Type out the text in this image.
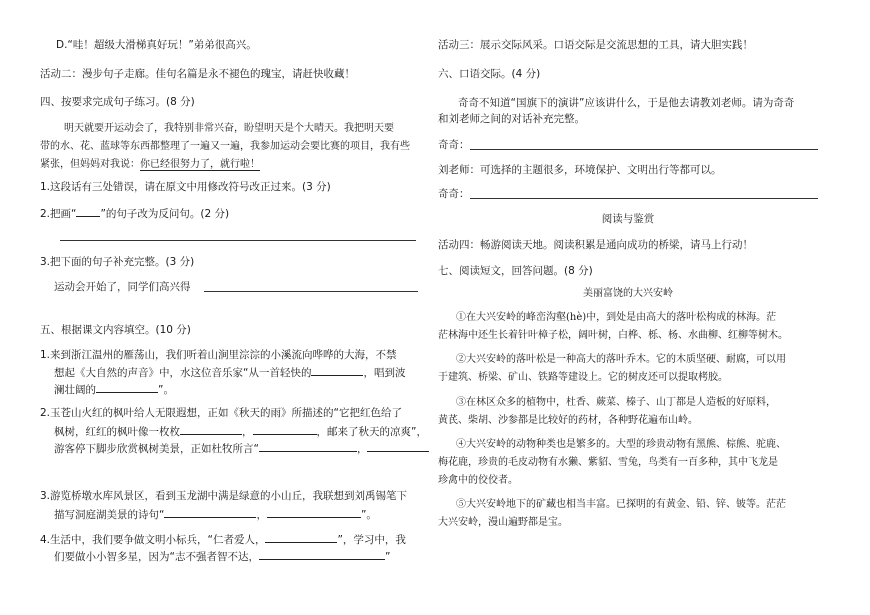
D.“哇！超级大滑梯真好玩！”弟弟很高兴。
活动二：漫步句子走廊。佳句名篇是永不褪色的瑰宝，请赶快收藏！
四、按要求完成句子练习。(8 分)
明天就要开运动会了，我特别非常兴奋，盼望明天是个大晴天。我把明天要
带的水、花、蓝球等东西都整理了一遍又一遍，我参加运动会要比赛的项目，我有些
紧张，但妈妈对我说：你已经很努力了，就行啦！
1.这段话有三处错误，请在原文中用修改符号改正过来。(3 分)
2.把画“ ”的句子改为反问句。(2 分)
3.把下面的句子补充完整。(3 分)
运动会开始了，同学们高兴得
五、根据课文内容填空。(10 分)
1.来到浙江温州的雁荡山，我们听着山涧里淙淙的小溪流向哗哗的大海，不禁
想起《大自然的声音》中，水这位音乐家“从一首轻快的	，唱到波
澜壮阔的	”。
2.玉苍山火红的枫叶给人无限遐想，正如《秋天的雨》所描述的“它把红色给了
枫树，红红的枫叶像一枚枚	，	，邮来了秋天的凉爽”，
游客停下脚步欣赏枫树美景，正如杜牧所言“	，
3.游览桥墩水库风景区，看到玉龙湖中满是绿意的小山丘，我联想到刘禹锡笔下
描写洞庭湖美景的诗句“	，	”。
4.生活中，我们要争做文明小标兵，“仁者爱人，	”，学习中，我
们要做小小智多星，因为“志不强者智不达，	”
活动三：展示交际风采。口语交际是交流思想的工具，请大胆实践！
六、口语交际。(4 分)
奇奇不知道“国旗下的演讲”应该讲什么，于是他去请教刘老师。请为奇奇
和刘老师之间的对话补充完整。
奇奇：
刘老师：可选择的主题很多，环境保护、文明出行等都可以。
奇奇：
阅读与鉴赏
活动四：畅游阅读天地。阅读积累是通向成功的桥梁，请马上行动！
七、阅读短文，回答问题。(8 分)
美丽富饶的大兴安岭
①在大兴安岭的峰峦沟壑(hè)中，到处是由高大的落叶松构成的林海。茫
茫林海中还生长着针叶樟子松，阔叶树，白桦、栎、杨、水曲柳、红柳等树木。
②大兴安岭的落叶松是一种高大的落叶乔木。它的木质坚硬、耐腐，可以用
于建筑、桥梁、矿山、铁路等建设上。它的树皮还可以提取栲胶。
③在林区众多的植物中，杜香、蕨菜、榛子、山丁都是人造板的好原料，
黄芪、柴胡、沙参都是比较好的药材，各种野花遍布山岭。
④大兴安岭的动物种类也是繁多的。大型的珍贵动物有黑熊、棕熊、驼鹿、
梅花鹿，珍贵的毛皮动物有水獭、紫貂、雪兔，鸟类有一百多种，其中飞龙是
珍禽中的佼佼者。
⑤大兴安岭地下的矿藏也相当丰富。已探明的有黄金、铅、锌、铍等。茫茫
大兴安岭，漫山遍野都是宝。
